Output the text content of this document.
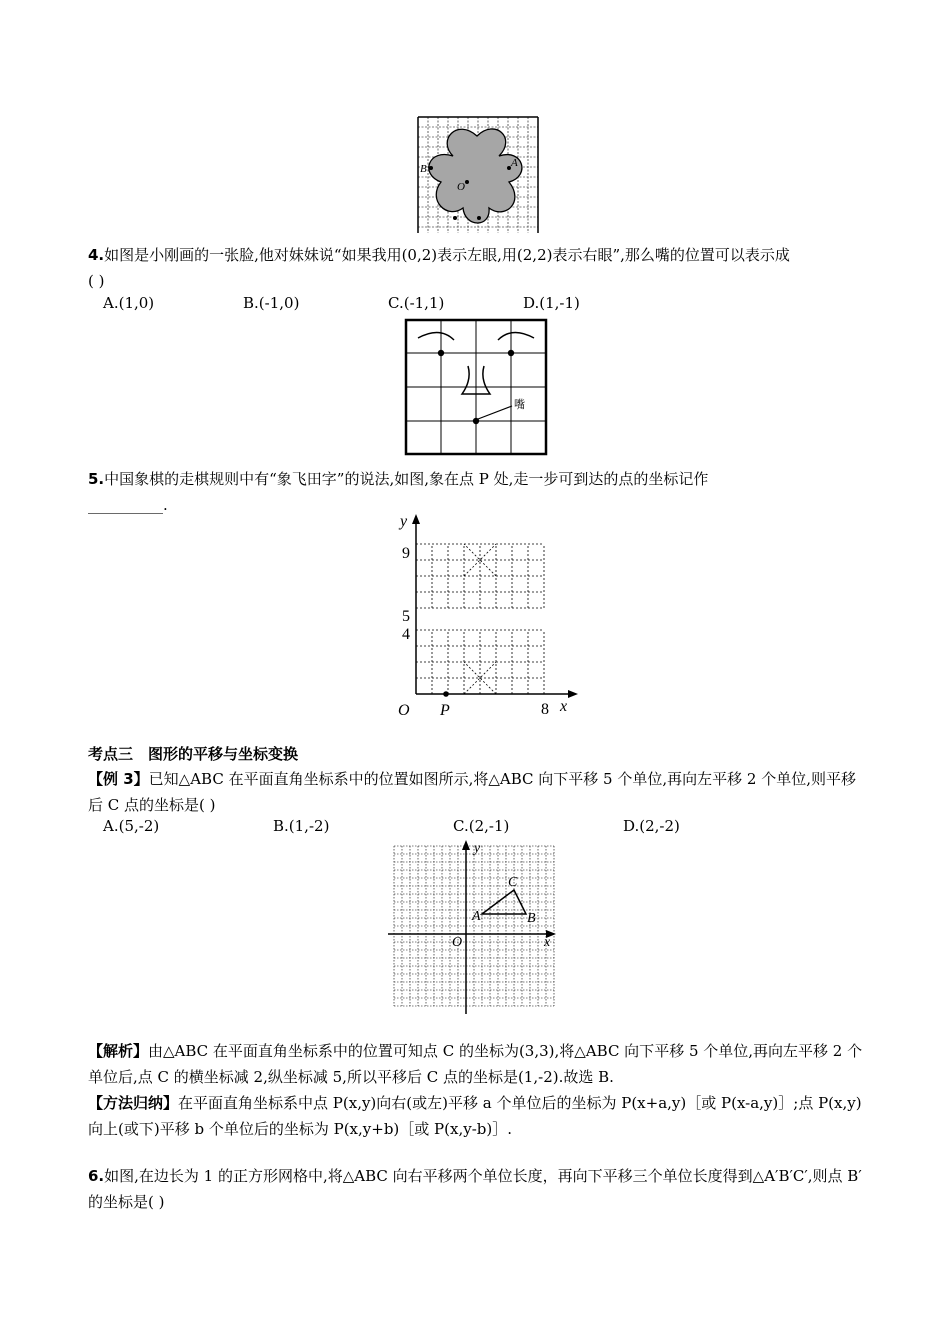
O
B	A
4.如图是小刚画的一张脸,他对妹妹说“如果我用(0,2)表示左眼,用(2,2)表示右眼”,那么嘴的位置可以表示成
( )
A.(1,0)	B.(-1,0)	C.(-1,1)	D.(1,-1)
嘴
5.中国象棋的走棋规则中有“象飞田字”的说法,如图,象在点 P 处,走一步可到达的点的坐标记作
__________.
y
x
9
5
4
8
O P
考点三　图形的平移与坐标变换
【例 3】已知△ABC 在平面直角坐标系中的位置如图所示,将△ABC 向下平移 5 个单位,再向左平移 2 个单位,则平移后 C 点的坐标是( )
A.(5,-2)	B.(1,-2)	C.(2,-1)	D.(2,-2)
y
x
O
A	B
C
【解析】由△ABC 在平面直角坐标系中的位置可知点 C 的坐标为(3,3),将△ABC 向下平移 5 个单位,再向左平移 2 个单位后,点 C 的横坐标减 2,纵坐标减 5,所以平移后 C 点的坐标是(1,-2).故选 B.
【方法归纳】在平面直角坐标系中点 P(x,y)向右(或左)平移 a 个单位后的坐标为 P(x+a,y)［或 P(x-a,y)］;点 P(x,y)向上(或下)平移 b 个单位后的坐标为 P(x,y+b)［或 P(x,y-b)］.
6.如图,在边长为 1 的正方形网格中,将△ABC 向右平移两个单位长度，再向下平移三个单位长度得到△A′B′C′,则点 B′的坐标是( )
